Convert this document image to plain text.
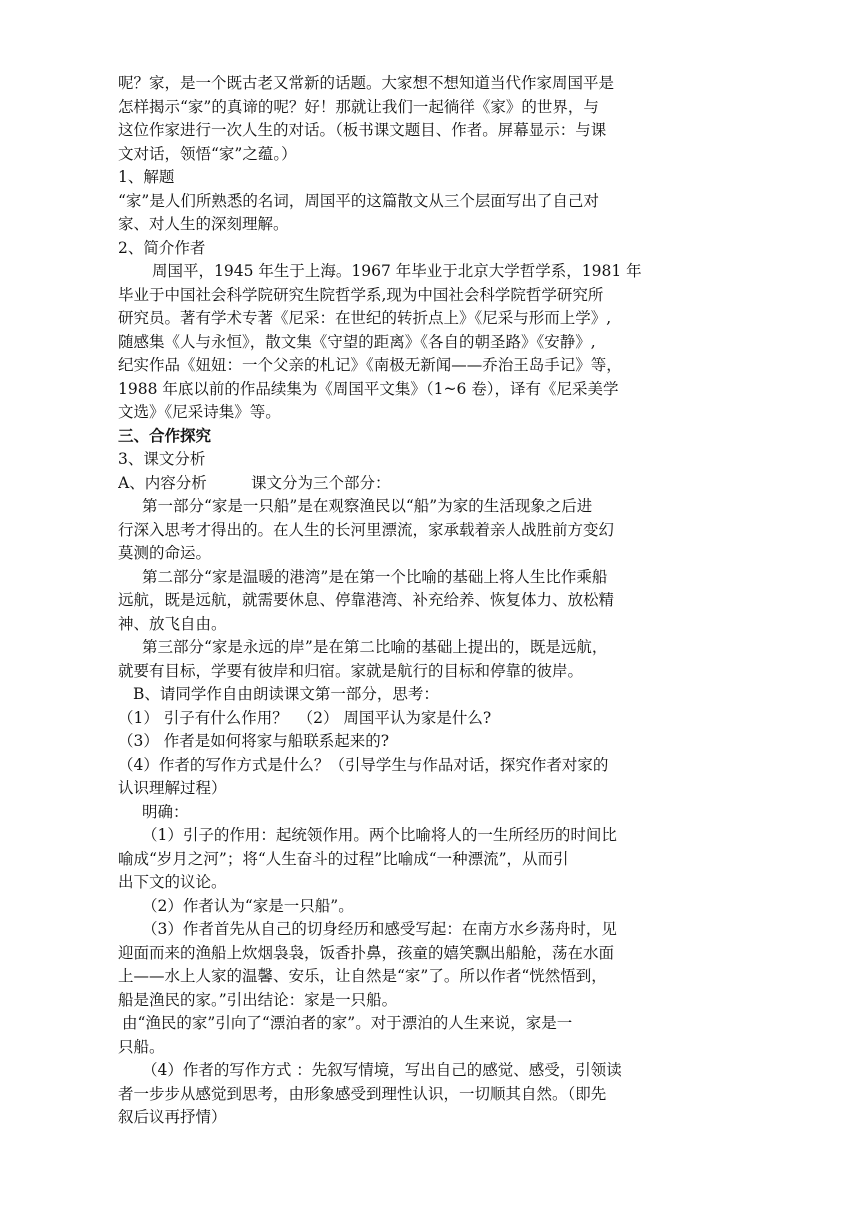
呢？家，是一个既古老又常新的话题。大家想不想知道当代作家周国平是
怎样揭示“家”的真谛的呢？好！那就让我们一起徜徉《家》的世界，与
这位作家进行一次人生的对话。（板书课文题目、作者。屏幕显示：与课
文对话，领悟“家”之蕴。）
1、解题
“家”是人们所熟悉的名词，周国平的这篇散文从三个层面写出了自己对
家、对人生的深刻理解。
2、简介作者
周国平，1945 年生于上海。1967 年毕业于北京大学哲学系，1981 年
毕业于中国社会科学院研究生院哲学系,现为中国社会科学院哲学研究所
研究员。著有学术专著《尼采：在世纪的转折点上》《尼采与形而上学》,
随感集《人与永恒》，散文集《守望的距离》《各自的朝圣路》《安静》,
纪实作品《妞妞：一个父亲的札记》《南极无新闻——乔治王岛手记》等，
1988 年底以前的作品续集为《周国平文集》（1~6 卷），译有《尼采美学
文选》《尼采诗集》等。
三、合作探究
3、课文分析
A、内容分析         课文分为三个部分：
第一部分“家是一只船”是在观察渔民以“船”为家的生活现象之后进
行深入思考才得出的。在人生的长河里漂流，家承载着亲人战胜前方变幻
莫测的命运。
第二部分“家是温暖的港湾”是在第一个比喻的基础上将人生比作乘船
远航，既是远航，就需要休息、停靠港湾、补充给养、恢复体力、放松精
神、放飞自由。
第三部分“家是永远的岸”是在第二比喻的基础上提出的，既是远航，
就要有目标，学要有彼岸和归宿。家就是航行的目标和停靠的彼岸。
B、请同学作自由朗读课文第一部分，思考：
（1） 引子有什么作用？  （2） 周国平认为家是什么?
（3） 作者是如何将家与船联系起来的?
（4）作者的写作方式是什么？（引导学生与作品对话，探究作者对家的
认识理解过程）
明确：
（1）引子的作用：起统领作用。两个比喻将人的一生所经历的时间比
喻成“岁月之河”；将“人生奋斗的过程”比喻成“一种漂流”，从而引
出下文的议论。
（2）作者认为“家是一只船”。
（3）作者首先从自己的切身经历和感受写起：在南方水乡荡舟时，见
迎面而来的渔船上炊烟袅袅，饭香扑鼻，孩童的嬉笑飘出船舱，荡在水面
上——水上人家的温馨、安乐，让自然是“家”了。所以作者“恍然悟到，
船是渔民的家。”引出结论：家是一只船。
由“渔民的家”引向了“漂泊者的家”。对于漂泊的人生来说，家是一
只船。
（4）作者的写作方式 ：先叙写情境，写出自己的感觉、感受，引领读
者一步步从感觉到思考，由形象感受到理性认识，一切顺其自然。（即先
叙后议再抒情）
